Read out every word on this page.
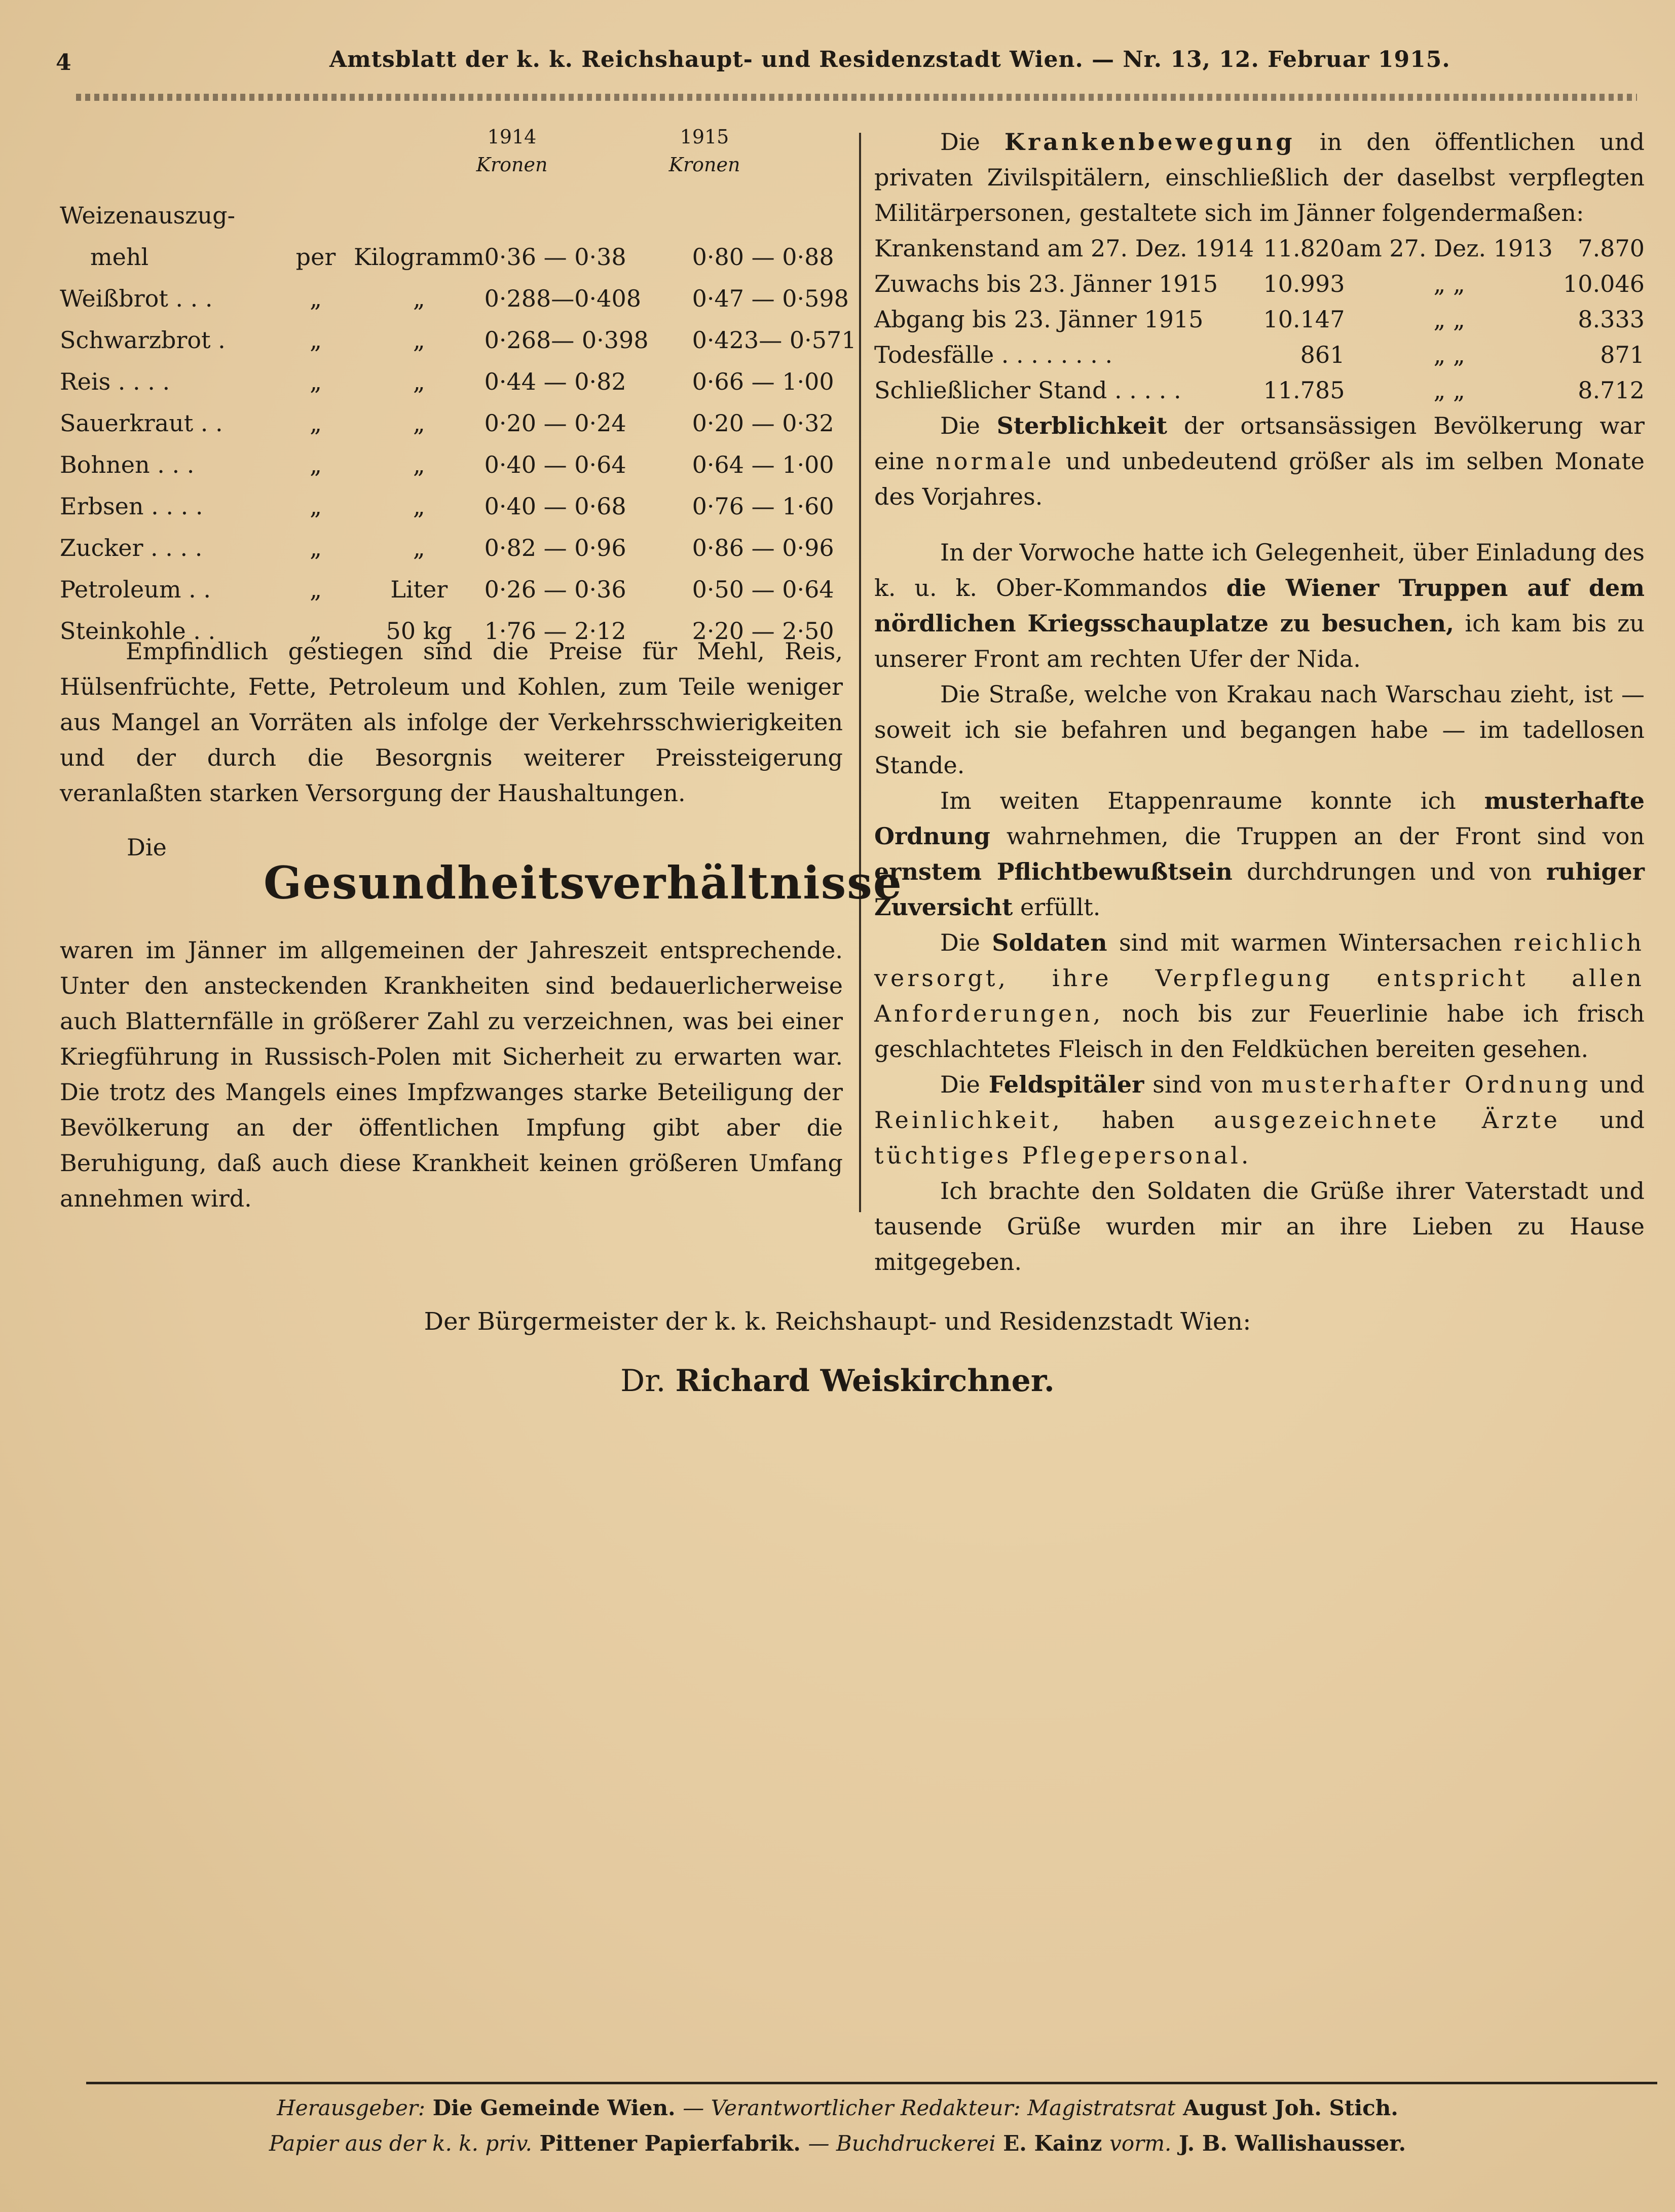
4	Amtsblatt der k. k. Reichshaupt- und Residenzstadt Wien. — Nr. 13, 12. Februar 1915.
1914	1915
Kronen	Kronen
Weizenauszug-				
mehl	per	Kilogramm	0·36 — 0·38	0·80 — 0·88
Weißbrot . . .	„	„	0·288—0·408	0·47 — 0·598
Schwarzbrot .	„	„	0·268— 0·398	0·423— 0·571
Reis . . . .	„	„	0·44 — 0·82	0·66 — 1·00
Sauerkraut . .	„	„	0·20 — 0·24	0·20 — 0·32
Bohnen . . .	„	„	0·40 — 0·64	0·64 — 1·00
Erbsen . . . .	„	„	0·40 — 0·68	0·76 — 1·60
Zucker . . . .	„	„	0·82 — 0·96	0·86 — 0·96
Petroleum . .	„	Liter	0·26 — 0·36	0·50 — 0·64
Steinkohle . .	„	50 kg	1·76 — 2·12	2·20 — 2·50

Empfindlich gestiegen sind die Preise für Mehl, Reis, Hülsenfrüchte, Fette, Petroleum und Kohlen, zum Teile weniger aus Mangel an Vorräten als infolge der Verkehrsschwierigkeiten und der durch die Besorgnis weiterer Preissteigerung veranlaßten starken Versorgung der Haushaltungen.

Die
Gesundheitsverhältnisse

waren im Jänner im allgemeinen der Jahreszeit entsprechende. Unter den ansteckenden Krankheiten sind bedauerlicherweise auch Blatternfälle in größerer Zahl zu verzeichnen, was bei einer Kriegführung in Russisch-Polen mit Sicherheit zu erwarten war. Die trotz des Mangels eines Impfzwanges starke Beteiligung der Bevölkerung an der öffentlichen Impfung gibt aber die Beruhigung, daß auch diese Krankheit keinen größeren Umfang annehmen wird.

Die Krankenbewegung in den öffentlichen und privaten Zivilspitälern, einschließlich der daselbst verpflegten Militärpersonen, gestaltete sich im Jänner folgendermaßen:

Krankenstand am 27. Dez. 1914	11.820	am 27. Dez. 1913	7.870
Zuwachs bis 23. Jänner 1915	10.993	„ „	10.046
Abgang bis 23. Jänner 1915	10.147	„ „	8.333
Todesfälle . . . . . . . .	861	„ „	871
Schließlicher Stand . . . . .	11.785	„ „	8.712

Die Sterblichkeit der ortsansässigen Bevölkerung war eine normale und unbedeutend größer als im selben Monate des Vorjahres.

In der Vorwoche hatte ich Gelegenheit, über Einladung des k. u. k. Ober-Kommandos die Wiener Truppen auf dem nördlichen Kriegsschauplatze zu besuchen, ich kam bis zu unserer Front am rechten Ufer der Nida.

Die Straße, welche von Krakau nach Warschau zieht, ist — soweit ich sie befahren und begangen habe — im tadellosen Stande.

Im weiten Etappenraume konnte ich musterhafte Ordnung wahrnehmen, die Truppen an der Front sind von ernstem Pflichtbewußtsein durchdrungen und von ruhiger Zuversicht erfüllt.

Die Soldaten sind mit warmen Wintersachen reichlich versorgt, ihre Verpflegung entspricht allen Anforderungen, noch bis zur Feuerlinie habe ich frisch geschlachtetes Fleisch in den Feldküchen bereiten gesehen.

Die Feldspitäler sind von musterhafter Ordnung und Reinlichkeit, haben ausgezeichnete Ärzte und tüchtiges Pflegepersonal.

Ich brachte den Soldaten die Grüße ihrer Vaterstadt und tausende Grüße wurden mir an ihre Lieben zu Hause mitgegeben.

Der Bürgermeister der k. k. Reichshaupt- und Residenzstadt Wien:
Dr. Richard Weiskirchner.
Herausgeber: Die Gemeinde Wien. — Verantwortlicher Redakteur: Magistratsrat August Joh. Stich.
Papier aus der k. k. priv. Pittener Papierfabrik. — Buchdruckerei E. Kainz vorm. J. B. Wallishausser.
